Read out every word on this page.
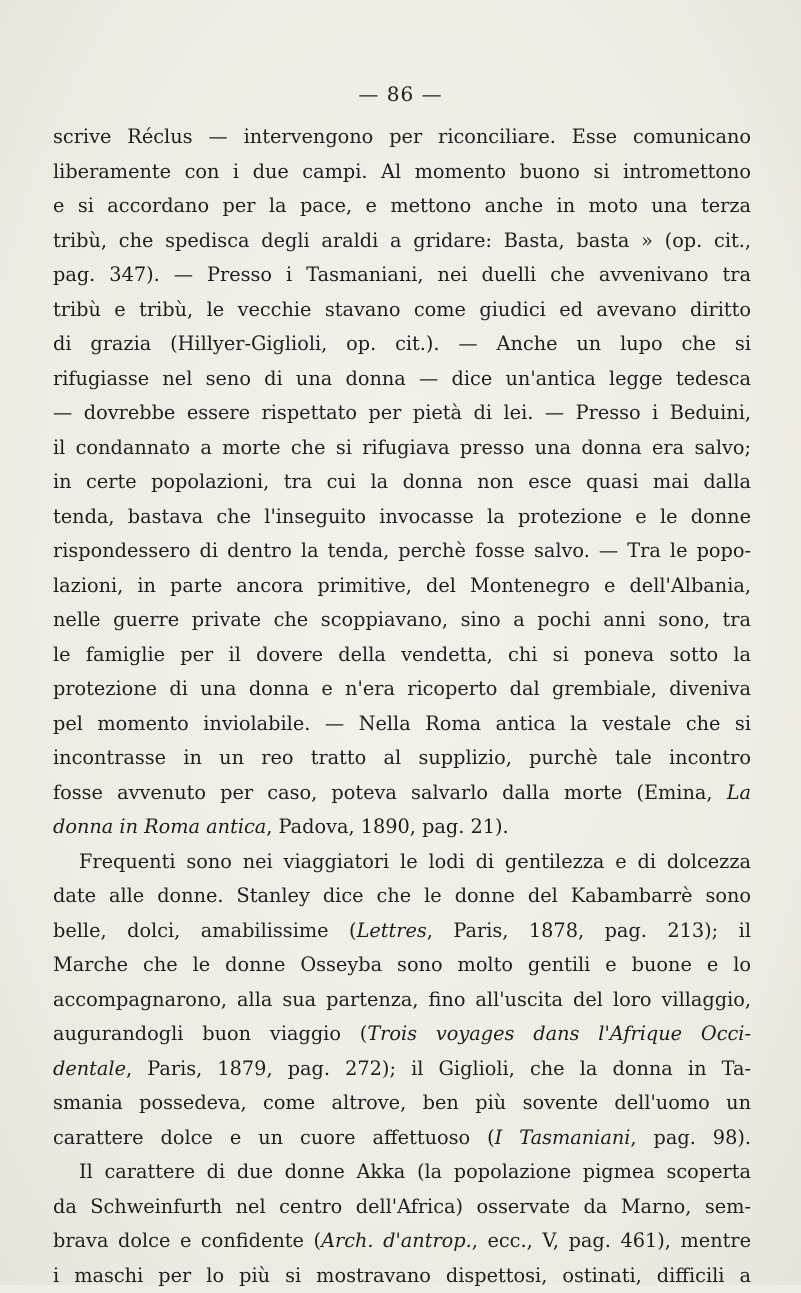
— 86 —

scrive Réclus — intervengono per riconciliare. Esse comunicano
liberamente con i due campi. Al momento buono si intromettono
e si accordano per la pace, e mettono anche in moto una terza
tribù, che spedisca degli araldi a gridare: Basta, basta » (op. cit.,
pag. 347). — Presso i Tasmaniani, nei duelli che avvenivano tra
tribù e tribù, le vecchie stavano come giudici ed avevano diritto
di grazia (Hillyer-Giglioli, op. cit.). — Anche un lupo che si
rifugiasse nel seno di una donna — dice un'antica legge tedesca
— dovrebbe essere rispettato per pietà di lei. — Presso i Beduini,
il condannato a morte che si rifugiava presso una donna era salvo;
in certe popolazioni, tra cui la donna non esce quasi mai dalla
tenda, bastava che l'inseguito invocasse la protezione e le donne
rispondessero di dentro la tenda, perchè fosse salvo. — Tra le popo-
lazioni, in parte ancora primitive, del Montenegro e dell'Albania,
nelle guerre private che scoppiavano, sino a pochi anni sono, tra
le famiglie per il dovere della vendetta, chi si poneva sotto la
protezione di una donna e n'era ricoperto dal grembiale, diveniva
pel momento inviolabile. — Nella Roma antica la vestale che si
incontrasse in un reo tratto al supplizio, purchè tale incontro
fosse avvenuto per caso, poteva salvarlo dalla morte (Emina, La
donna in Roma antica, Padova, 1890, pag. 21).
Frequenti sono nei viaggiatori le lodi di gentilezza e di dolcezza
date alle donne. Stanley dice che le donne del Kabambarrè sono
belle, dolci, amabilissime (Lettres, Paris, 1878, pag. 213); il
Marche che le donne Osseyba sono molto gentili e buone e lo
accompagnarono, alla sua partenza, fino all'uscita del loro villaggio,
augurandogli buon viaggio (Trois voyages dans l'Afrique Occi-
dentale, Paris, 1879, pag. 272); il Giglioli, che la donna in Ta-
smania possedeva, come altrove, ben più sovente dell'uomo un
carattere dolce e un cuore affettuoso (I Tasmaniani, pag. 98).
Il carattere di due donne Akka (la popolazione pigmea scoperta
da Schweinfurth nel centro dell'Africa) osservate da Marno, sem-
brava dolce e confidente (Arch. d'antrop., ecc., V, pag. 461), mentre
i maschi per lo più si mostravano dispettosi, ostinati, difficili a
